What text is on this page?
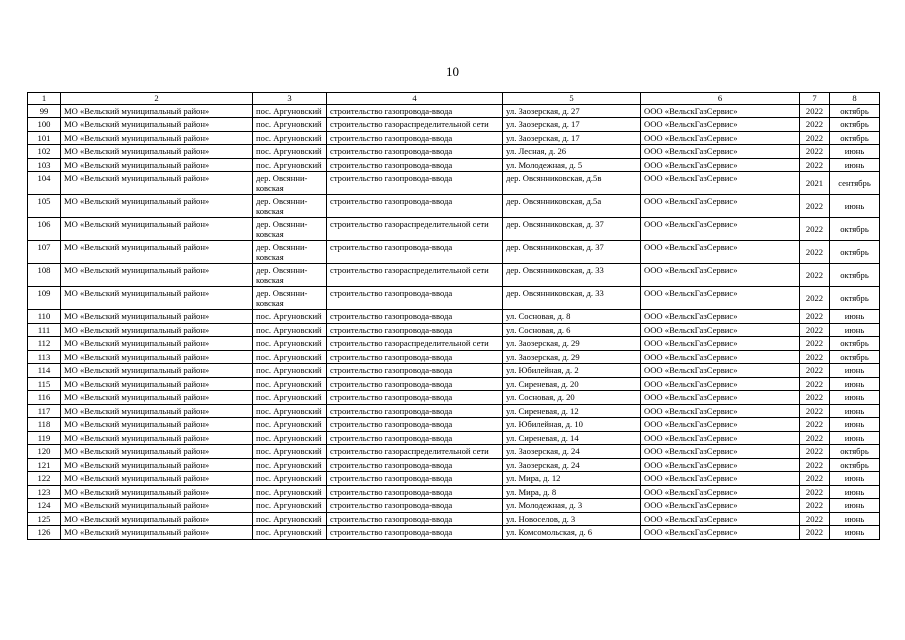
10
1	2	3	4	5	6	7	8
99	МО «Вельский муниципальный район»	пос. Аргуновский	строительство газопровода-ввода	ул. Заозерская, д. 27	ООО «ВельскГазСервис»	2022	октябрь
100	МО «Вельский муниципальный район»	пос. Аргуновский	строительство газораспределительной сети	ул. Заозерская, д. 17	ООО «ВельскГазСервис»	2022	октябрь
101	МО «Вельский муниципальный район»	пос. Аргуновский	строительство газопровода-ввода	ул. Заозерская, д. 17	ООО «ВельскГазСервис»	2022	октябрь
102	МО «Вельский муниципальный район»	пос. Аргуновский	строительство газопровода-ввода	ул. Лесная, д. 26	ООО «ВельскГазСервис»	2022	июнь
103	МО «Вельский муниципальный район»	пос. Аргуновский	строительство газопровода-ввода	ул. Молодежная, д. 5	ООО «ВельскГазСервис»	2022	июнь
104	МО «Вельский муниципальный район»	дер. Овсянни-ковская	строительство газопровода-ввода	дер. Овсянниковская, д.5в	ООО «ВельскГазСервис»	2021	сентябрь
105	МО «Вельский муниципальный район»	дер. Овсянни-ковская	строительство газопровода-ввода	дер. Овсянниковская, д.5а	ООО «ВельскГазСервис»	2022	июнь
106	МО «Вельский муниципальный район»	дер. Овсянни-ковская	строительство газораспределительной сети	дер. Овсянниковская, д. 37	ООО «ВельскГазСервис»	2022	октябрь
107	МО «Вельский муниципальный район»	дер. Овсянни-ковская	строительство газопровода-ввода	дер. Овсянниковская, д. 37	ООО «ВельскГазСервис»	2022	октябрь
108	МО «Вельский муниципальный район»	дер. Овсянни-ковская	строительство газораспределительной сети	дер. Овсянниковская, д. 33	ООО «ВельскГазСервис»	2022	октябрь
109	МО «Вельский муниципальный район»	дер. Овсянни-ковская	строительство газопровода-ввода	дер. Овсянниковская, д. 33	ООО «ВельскГазСервис»	2022	октябрь
110	МО «Вельский муниципальный район»	пос. Аргуновский	строительство газопровода-ввода	ул. Сосновая, д. 8	ООО «ВельскГазСервис»	2022	июнь
111	МО «Вельский муниципальный район»	пос. Аргуновский	строительство газопровода-ввода	ул. Сосновая, д. 6	ООО «ВельскГазСервис»	2022	июнь
112	МО «Вельский муниципальный район»	пос. Аргуновский	строительство газораспределительной сети	ул. Заозерская, д. 29	ООО «ВельскГазСервис»	2022	октябрь
113	МО «Вельский муниципальный район»	пос. Аргуновский	строительство газопровода-ввода	ул. Заозерская, д. 29	ООО «ВельскГазСервис»	2022	октябрь
114	МО «Вельский муниципальный район»	пос. Аргуновский	строительство газопровода-ввода	ул. Юбилейная, д. 2	ООО «ВельскГазСервис»	2022	июнь
115	МО «Вельский муниципальный район»	пос. Аргуновский	строительство газопровода-ввода	ул. Сиреневая, д. 20	ООО «ВельскГазСервис»	2022	июнь
116	МО «Вельский муниципальный район»	пос. Аргуновский	строительство газопровода-ввода	ул. Сосновая, д. 20	ООО «ВельскГазСервис»	2022	июнь
117	МО «Вельский муниципальный район»	пос. Аргуновский	строительство газопровода-ввода	ул. Сиреневая, д. 12	ООО «ВельскГазСервис»	2022	июнь
118	МО «Вельский муниципальный район»	пос. Аргуновский	строительство газопровода-ввода	ул. Юбилейная, д. 10	ООО «ВельскГазСервис»	2022	июнь
119	МО «Вельский муниципальный район»	пос. Аргуновский	строительство газопровода-ввода	ул. Сиреневая, д. 14	ООО «ВельскГазСервис»	2022	июнь
120	МО «Вельский муниципальный район»	пос. Аргуновский	строительство газораспределительной сети	ул. Заозерская, д. 24	ООО «ВельскГазСервис»	2022	октябрь
121	МО «Вельский муниципальный район»	пос. Аргуновский	строительство газопровода-ввода	ул. Заозерская, д. 24	ООО «ВельскГазСервис»	2022	октябрь
122	МО «Вельский муниципальный район»	пос. Аргуновский	строительство газопровода-ввода	ул. Мира, д. 12	ООО «ВельскГазСервис»	2022	июнь
123	МО «Вельский муниципальный район»	пос. Аргуновский	строительство газопровода-ввода	ул. Мира, д. 8	ООО «ВельскГазСервис»	2022	июнь
124	МО «Вельский муниципальный район»	пос. Аргуновский	строительство газопровода-ввода	ул. Молодежная, д. 3	ООО «ВельскГазСервис»	2022	июнь
125	МО «Вельский муниципальный район»	пос. Аргуновский	строительство газопровода-ввода	ул. Новоселов, д. 3	ООО «ВельскГазСервис»	2022	июнь
126	МО «Вельский муниципальный район»	пос. Аргуновский	строительство газопровода-ввода	ул. Комсомольская, д. 6	ООО «ВельскГазСервис»	2022	июнь
